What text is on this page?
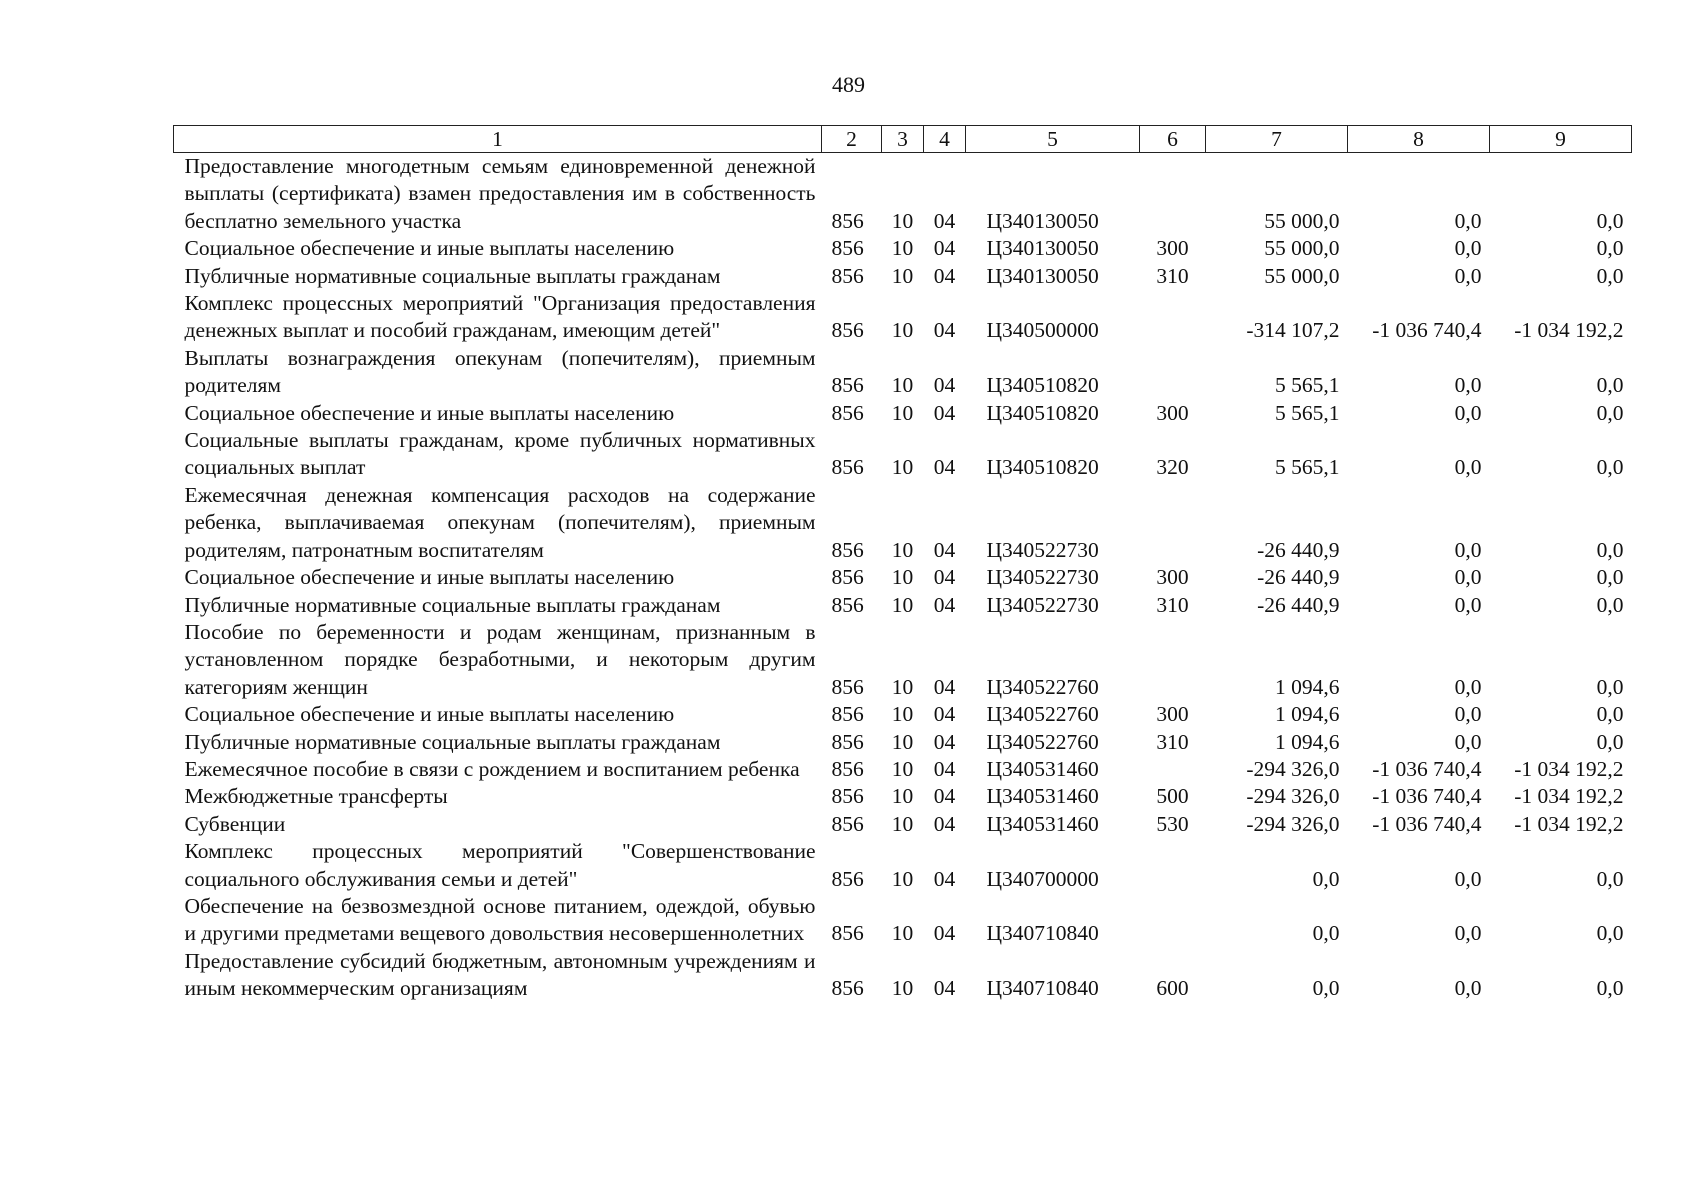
489
1	2	3	4	5	6	7	8	9
Предоставление многодетным семьям единовременной денежной выплаты (сертификата) взамен предоставления им в собственность бесплатно земельного участка	856	10	04	Ц340130050		55 000,0	0,0	0,0
Социальное обеспечение и иные выплаты населению	856	10	04	Ц340130050	300	55 000,0	0,0	0,0
Публичные нормативные социальные выплаты гражданам	856	10	04	Ц340130050	310	55 000,0	0,0	0,0
Комплекс процессных мероприятий "Организация предоставления денежных выплат и пособий гражданам, имеющим детей"	856	10	04	Ц340500000		-314 107,2	-1 036 740,4	-1 034 192,2
Выплаты вознаграждения опекунам (попечителям), приемным родителям	856	10	04	Ц340510820		5 565,1	0,0	0,0
Социальное обеспечение и иные выплаты населению	856	10	04	Ц340510820	300	5 565,1	0,0	0,0
Социальные выплаты гражданам, кроме публичных нормативных социальных выплат	856	10	04	Ц340510820	320	5 565,1	0,0	0,0
Ежемесячная денежная компенсация расходов на содержание ребенка, выплачиваемая опекунам (попечителям), приемным родителям, патронатным воспитателям	856	10	04	Ц340522730		-26 440,9	0,0	0,0
Социальное обеспечение и иные выплаты населению	856	10	04	Ц340522730	300	-26 440,9	0,0	0,0
Публичные нормативные социальные выплаты гражданам	856	10	04	Ц340522730	310	-26 440,9	0,0	0,0
Пособие по беременности и родам женщинам, признанным в установленном порядке безработными, и некоторым другим категориям женщин	856	10	04	Ц340522760		1 094,6	0,0	0,0
Социальное обеспечение и иные выплаты населению	856	10	04	Ц340522760	300	1 094,6	0,0	0,0
Публичные нормативные социальные выплаты гражданам	856	10	04	Ц340522760	310	1 094,6	0,0	0,0
Ежемесячное пособие в связи с рождением и воспитанием ребенка	856	10	04	Ц340531460		-294 326,0	-1 036 740,4	-1 034 192,2
Межбюджетные трансферты	856	10	04	Ц340531460	500	-294 326,0	-1 036 740,4	-1 034 192,2
Субвенции	856	10	04	Ц340531460	530	-294 326,0	-1 036 740,4	-1 034 192,2
Комплекс процессных мероприятий "Совершенствование социального обслуживания семьи и детей"	856	10	04	Ц340700000		0,0	0,0	0,0
Обеспечение на безвозмездной основе питанием, одеждой, обувью и другими предметами вещевого довольствия несовершеннолетних	856	10	04	Ц340710840		0,0	0,0	0,0
Предоставление субсидий бюджетным, автономным учреждениям и иным некоммерческим организациям	856	10	04	Ц340710840	600	0,0	0,0	0,0
